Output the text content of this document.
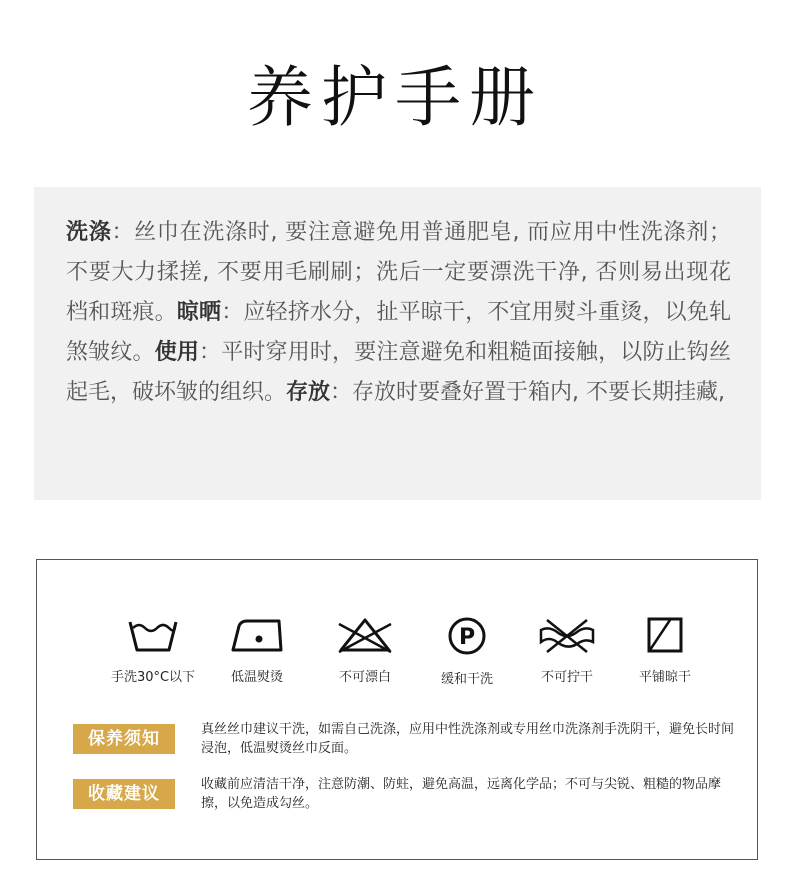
养护手册

洗涤：丝巾在洗涤时, 要注意避免用普通肥皂, 而应用中性洗涤剂；不要大力揉搓, 不要用毛刷刷；洗后一定要漂洗干净, 否则易出现花档和斑痕。晾晒：应轻挤水分，扯平晾干，不宜用熨斗重烫，以免轧煞皱纹。使用：平时穿用时，要注意避免和粗糙面接触，以防止钩丝起毛，破坏皱的组织。存放：存放时要叠好置于箱内, 不要长期挂藏,

手洗30°C以下	低温熨烫	不可漂白
P
缓和干洗	不可拧干	平铺晾干
保养须知	真丝丝巾建议干洗，如需自己洗涤，应用中性洗涤剂或专用丝巾洗涤剂手洗阴干，避免长时间浸泡，低温熨烫丝巾反面。

收藏建议	收藏前应清洁干净，注意防潮、防蛀，避免高温，远离化学品；不可与尖锐、粗糙的物品摩擦，以免造成勾丝。
